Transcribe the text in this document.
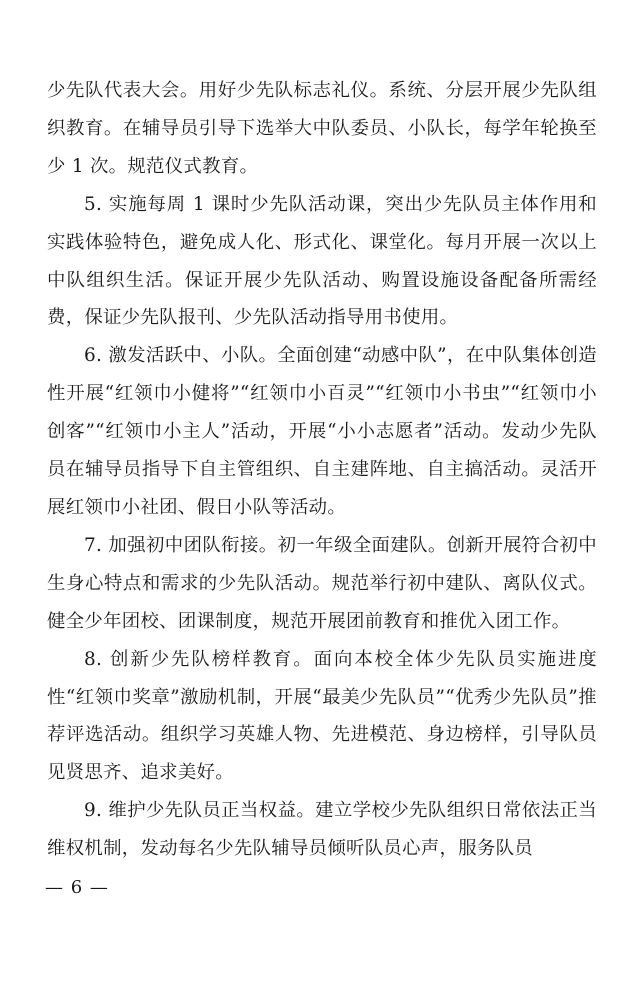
少先队代表大会。用好少先队标志礼仪。系统、分层开展少先队组织教育。在辅导员引导下选举大中队委员、小队长，每学年轮换至少 1 次。规范仪式教育。

5. 实施每周 1 课时少先队活动课，突出少先队员主体作用和实践体验特色，避免成人化、形式化、课堂化。每月开展一次以上中队组织生活。保证开展少先队活动、购置设施设备配备所需经费，保证少先队报刊、少先队活动指导用书使用。

6. 激发活跃中、小队。全面创建“动感中队”，在中队集体创造性开展“红领巾小健将”“红领巾小百灵”“红领巾小书虫”“红领巾小创客”“红领巾小主人”活动，开展“小小志愿者”活动。发动少先队员在辅导员指导下自主管组织、自主建阵地、自主搞活动。灵活开展红领巾小社团、假日小队等活动。

7. 加强初中团队衔接。初一年级全面建队。创新开展符合初中生身心特点和需求的少先队活动。规范举行初中建队、离队仪式。健全少年团校、团课制度，规范开展团前教育和推优入团工作。

8. 创新少先队榜样教育。面向本校全体少先队员实施进度性“红领巾奖章”激励机制，开展“最美少先队员”“优秀少先队员”推荐评选活动。组织学习英雄人物、先进模范、身边榜样，引导队员见贤思齐、追求美好。

9. 维护少先队员正当权益。建立学校少先队组织日常依法正当维权机制，发动每名少先队辅导员倾听队员心声，服务队员

— 6 —
